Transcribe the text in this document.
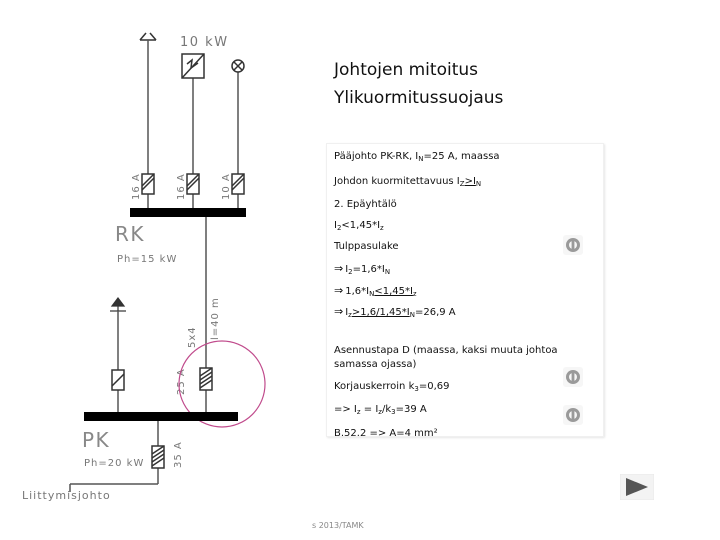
10 kW
16 A	16 A	10 A
RK
Ph=15 kW
5x4 l=40 m
25 A
PK
Ph=20 kW	35 A
Liittymisjohto
Johtojen mitoitus
Ylikuormitussuojaus
Pääjohto PK-RK, $I_N=25$ A, maassa
Johdon kuormitettavuus $I_Z>I_N$
2. Epäyhtälö
$I_2<1,45*I_z$
Tulppasulake
⇒ $I_2=1,6*I_N$
⇒ $1,6*I_N<1,45*I_z$
⇒ $I_z>1,6/1,45*I_N=26,9$ A
Asennustapa D (maassa, kaksi muuta johtoa samassa ojassa)
Korjauskerroin $k_3=0,69$
=> $I_z = I_z/k_3=39$ A
B.52.2 => A=4 mm²
s 2013/TAMK
